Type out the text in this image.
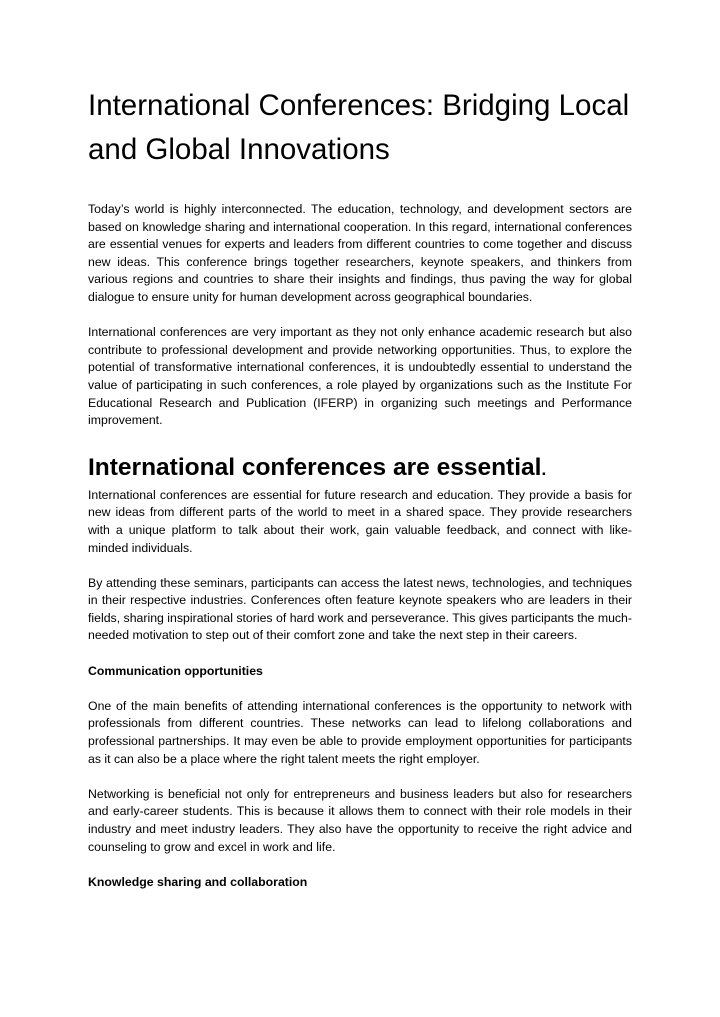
International Conferences: Bridging Local and Global Innovations

Today’s world is highly interconnected. The education, technology, and development sectors are based on knowledge sharing and international cooperation. In this regard, international conferences are essential venues for experts and leaders from different countries to come together and discuss new ideas. This conference brings together researchers, keynote speakers, and thinkers from various regions and countries to share their insights and findings, thus paving the way for global dialogue to ensure unity for human development across geographical boundaries.

International conferences are very important as they not only enhance academic research but also contribute to professional development and provide networking opportunities. Thus, to explore the potential of transformative international conferences, it is undoubtedly essential to understand the value of participating in such conferences, a role played by organizations such as the Institute For Educational Research and Publication (IFERP) in organizing such meetings and Performance improvement.

International conferences are essential.

International conferences are essential for future research and education. They provide a basis for new ideas from different parts of the world to meet in a shared space. They provide researchers with a unique platform to talk about their work, gain valuable feedback, and connect with like-minded individuals.

By attending these seminars, participants can access the latest news, technologies, and techniques in their respective industries. Conferences often feature keynote speakers who are leaders in their fields, sharing inspirational stories of hard work and perseverance. This gives participants the much-needed motivation to step out of their comfort zone and take the next step in their careers.

Communication opportunities

One of the main benefits of attending international conferences is the opportunity to network with professionals from different countries. These networks can lead to lifelong collaborations and professional partnerships. It may even be able to provide employment opportunities for participants as it can also be a place where the right talent meets the right employer.

Networking is beneficial not only for entrepreneurs and business leaders but also for researchers and early-career students. This is because it allows them to connect with their role models in their industry and meet industry leaders. They also have the opportunity to receive the right advice and counseling to grow and excel in work and life.

Knowledge sharing and collaboration
